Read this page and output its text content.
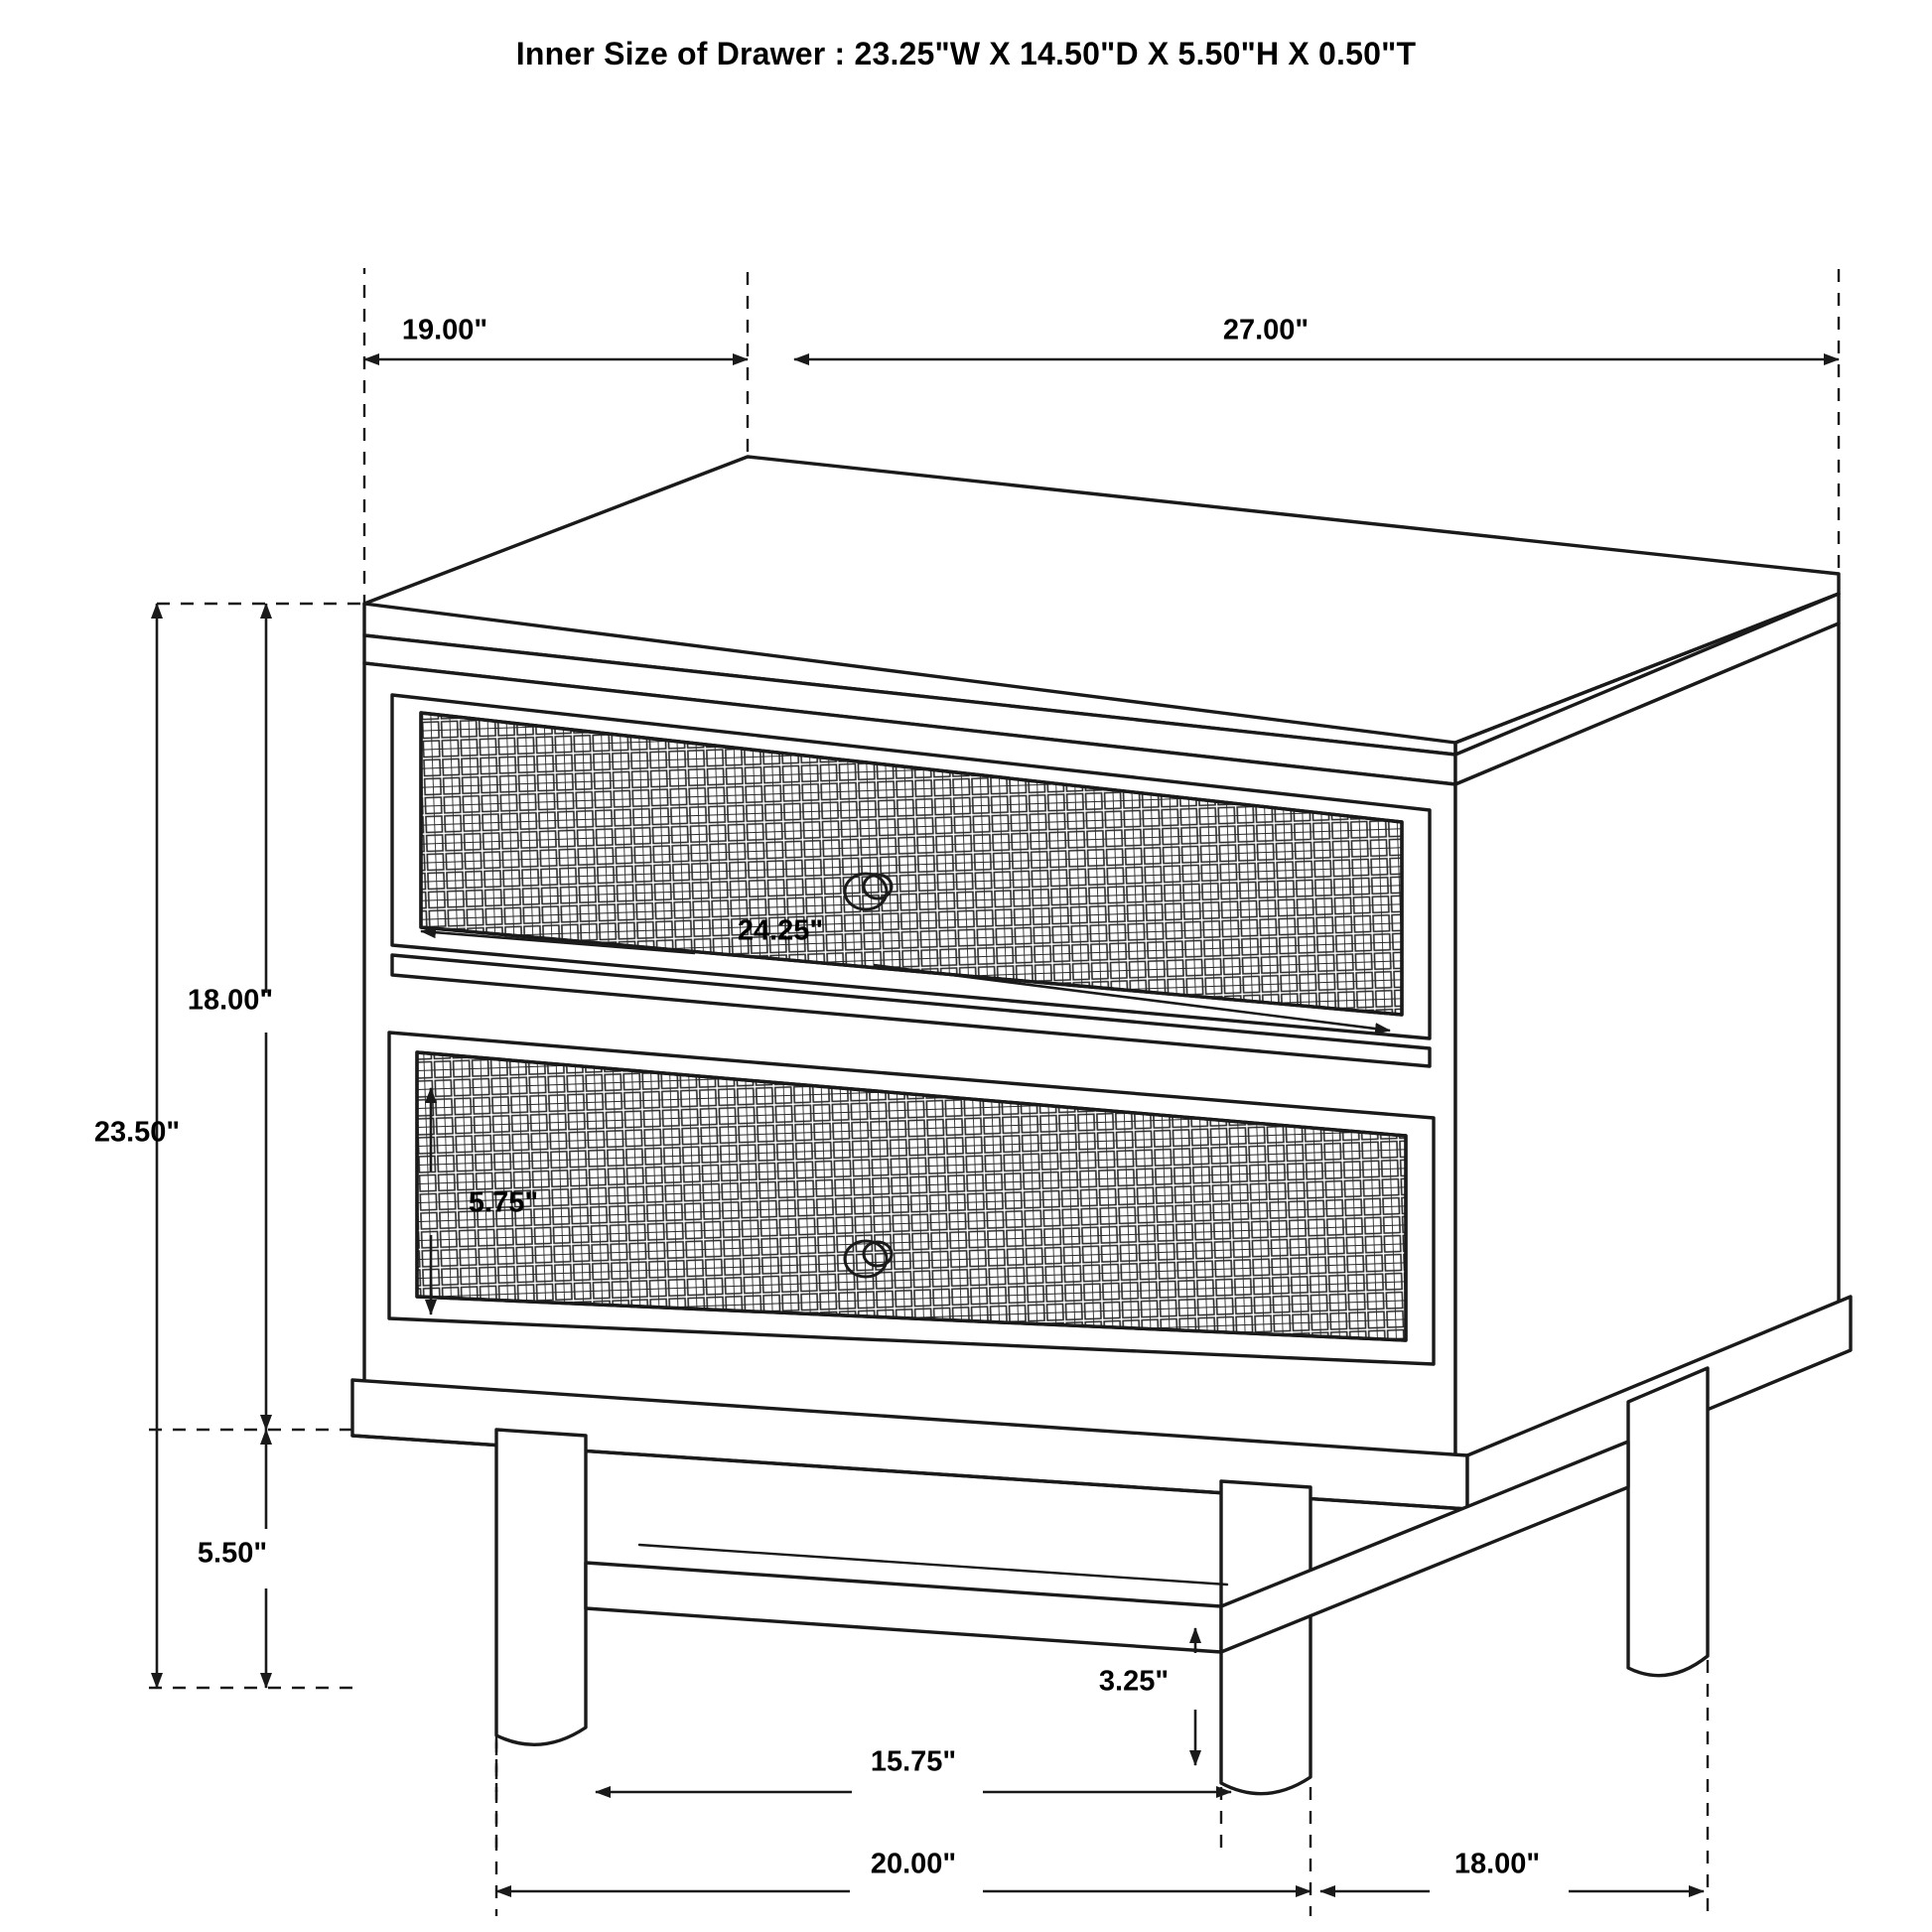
Inner Size of Drawer : 23.25"W X 14.50"D X 5.50"H X 0.50"T
19.00"	27.00"
23.50"
18.00"
5.50"
24.25"
5.75"
3.25"
15.75"
20.00"	18.00"
